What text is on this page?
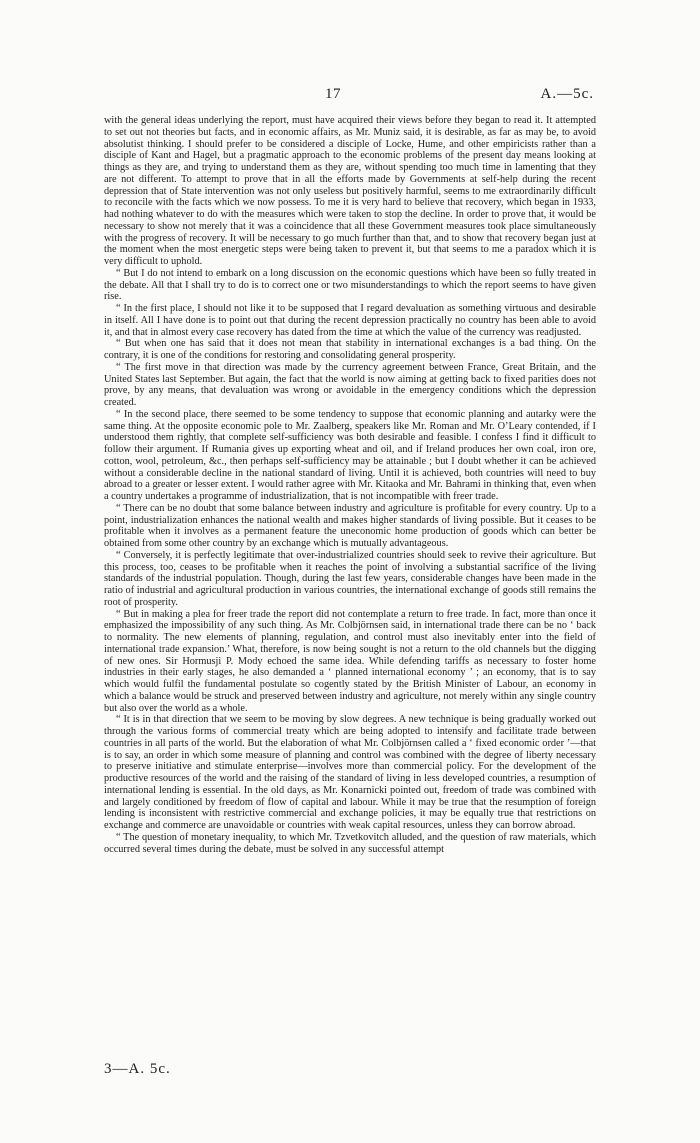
17	A.—5c.

with the general ideas underlying the report, must have acquired their views before they began to read it. It attempted to set out not theories but facts, and in economic affairs, as Mr. Muniz said, it is desirable, as far as may be, to avoid absolutist thinking. I should prefer to be considered a disciple of Locke, Hume, and other empiricists rather than a disciple of Kant and Hagel, but a pragmatic approach to the economic problems of the present day means looking at things as they are, and trying to understand them as they are, without spending too much time in lamenting that they are not different. To attempt to prove that in all the efforts made by Governments at self-help during the recent depression that of State intervention was not only useless but positively harmful, seems to me extraordinarily difficult to reconcile with the facts which we now possess. To me it is very hard to believe that recovery, which began in 1933, had nothing whatever to do with the measures which were taken to stop the decline. In order to prove that, it would be necessary to show not merely that it was a coincidence that all these Government measures took place simultaneously with the progress of recovery. It will be necessary to go much further than that, and to show that recovery began just at the moment when the most energetic steps were being taken to prevent it, but that seems to me a paradox which it is very difficult to uphold.

“ But I do not intend to embark on a long discussion on the economic questions which have been so fully treated in the debate. All that I shall try to do is to correct one or two misunderstandings to which the report seems to have given rise.

“ In the first place, I should not like it to be supposed that I regard devaluation as something virtuous and desirable in itself. All I have done is to point out that during the recent depression practically no country has been able to avoid it, and that in almost every case recovery has dated from the time at which the value of the currency was readjusted.

“ But when one has said that it does not mean that stability in international exchanges is a bad thing. On the contrary, it is one of the conditions for restoring and consolidating general prosperity.

“ The first move in that direction was made by the currency agreement between France, Great Britain, and the United States last September. But again, the fact that the world is now aiming at getting back to fixed parities does not prove, by any means, that devaluation was wrong or avoidable in the emergency conditions which the depression created.

“ In the second place, there seemed to be some tendency to suppose that economic planning and autarky were the same thing. At the opposite economic pole to Mr. Zaalberg, speakers like Mr. Roman and Mr. O’Leary contended, if I understood them rightly, that complete self-sufficiency was both desirable and feasible. I confess I find it difficult to follow their argument. If Rumania gives up exporting wheat and oil, and if Ireland produces her own coal, iron ore, cotton, wool, petroleum, &c., then perhaps self-sufficiency may be attainable ; but I doubt whether it can be achieved without a considerable decline in the national standard of living. Until it is achieved, both countries will need to buy abroad to a greater or lesser extent. I would rather agree with Mr. Kitaoka and Mr. Bahrami in thinking that, even when a country undertakes a programme of industrialization, that is not incompatible with freer trade.

“ There can be no doubt that some balance between industry and agriculture is profitable for every country. Up to a point, industrialization enhances the national wealth and makes higher standards of living possible. But it ceases to be profitable when it involves as a permanent feature the uneconomic home production of goods which can better be obtained from some other country by an exchange which is mutually advantageous.

“ Conversely, it is perfectly legitimate that over-industrialized countries should seek to revive their agriculture. But this process, too, ceases to be profitable when it reaches the point of involving a substantial sacrifice of the living standards of the industrial population. Though, during the last few years, considerable changes have been made in the ratio of industrial and agricultural production in various countries, the international exchange of goods still remains the root of prosperity.

“ But in making a plea for freer trade the report did not contemplate a return to free trade. In fact, more than once it emphasized the impossibility of any such thing. As Mr. Colbjörnsen said, in international trade there can be no ‘ back to normality. The new elements of planning, regulation, and control must also inevitably enter into the field of international trade expansion.’ What, therefore, is now being sought is not a return to the old channels but the digging of new ones. Sir Hormusji P. Mody echoed the same idea. While defending tariffs as necessary to foster home industries in their early stages, he also demanded a ‘ planned international economy ’ ; an economy, that is to say which would fulfil the fundamental postulate so cogently stated by the British Minister of Labour, an economy in which a balance would be struck and preserved between industry and agriculture, not merely within any single country but also over the world as a whole.

“ It is in that direction that we seem to be moving by slow degrees. A new technique is being gradually worked out through the various forms of commercial treaty which are being adopted to intensify and facilitate trade between countries in all parts of the world. But the elaboration of what Mr. Colbjörnsen called a ‘ fixed economic order ’—that is to say, an order in which some measure of planning and control was combined with the degree of liberty necessary to preserve initiative and stimulate enterprise—involves more than commercial policy. For the development of the productive resources of the world and the raising of the standard of living in less developed countries, a resumption of international lending is essential. In the old days, as Mr. Konarnicki pointed out, freedom of trade was combined with and largely conditioned by freedom of flow of capital and labour. While it may be true that the resumption of foreign lending is inconsistent with restrictive commercial and exchange policies, it may be equally true that restrictions on exchange and commerce are unavoidable or countries with weak capital resources, unless they can borrow abroad.

“ The question of monetary inequality, to which Mr. Tzvetkovitch alluded, and the question of raw materials, which occurred several times during the debate, must be solved in any successful attempt

3—A. 5c.
